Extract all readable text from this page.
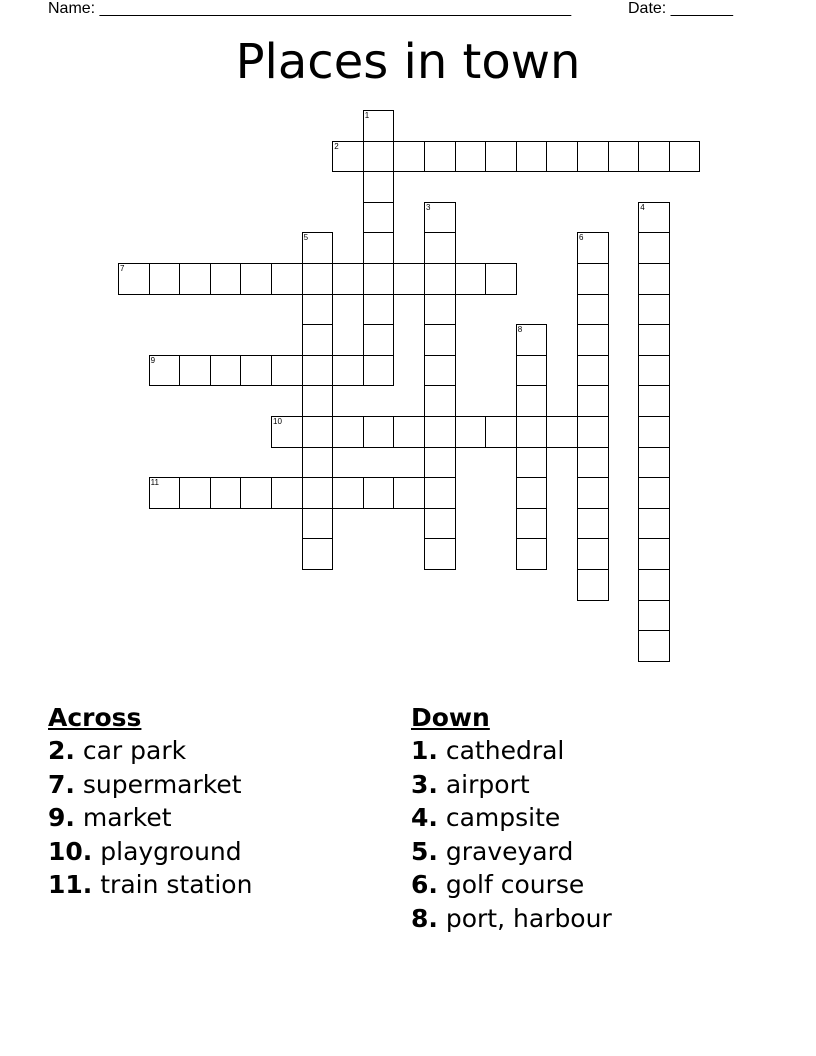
Name: _____________________________________________________	Date: _______
Places in town
1
2
3	4
5	6
7
8
9
10
11
Across
2. car park
7. supermarket
9. market
10. playground
11. train station
Down
1. cathedral
3. airport
4. campsite
5. graveyard
6. golf course
8. port, harbour
